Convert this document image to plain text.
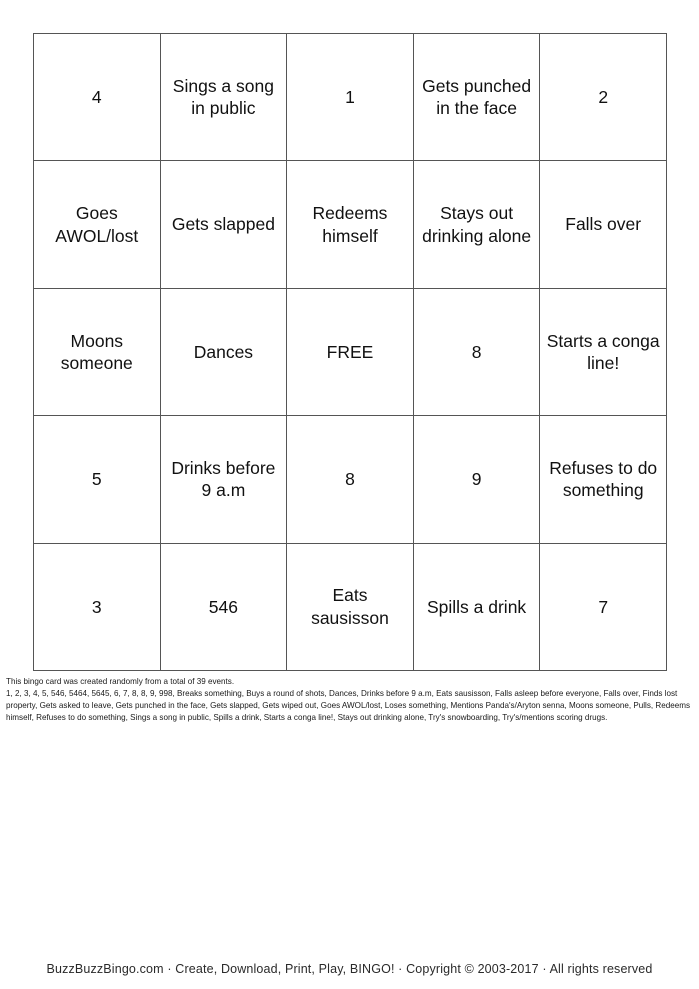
4	Sings a song in public	1	Gets punched in the face	2
Goes AWOL/lost	Gets slapped	Redeems himself	Stays out drinking alone	Falls over
Moons someone	Dances	FREE	8	Starts a conga line!
5	Drinks before 9 a.m	8	9	Refuses to do something
3	546	Eats sausisson	Spills a drink	7

This bingo card was created randomly from a total of 39 events.

1, 2, 3, 4, 5, 546, 5464, 5645, 6, 7, 8, 8, 9, 998, Breaks something, Buys a round of shots, Dances, Drinks before 9 a.m, Eats sausisson, Falls asleep before everyone, Falls over, Finds lost property, Gets asked to leave, Gets punched in the face, Gets slapped, Gets wiped out, Goes AWOL/lost, Loses something, Mentions Panda's/Aryton senna, Moons someone, Pulls, Redeems himself, Refuses to do something, Sings a song in public, Spills a drink, Starts a conga line!, Stays out drinking alone, Try's snowboarding, Try's/mentions scoring drugs.

BuzzBuzzBingo.com · Create, Download, Print, Play, BINGO! · Copyright © 2003-2017 · All rights reserved
